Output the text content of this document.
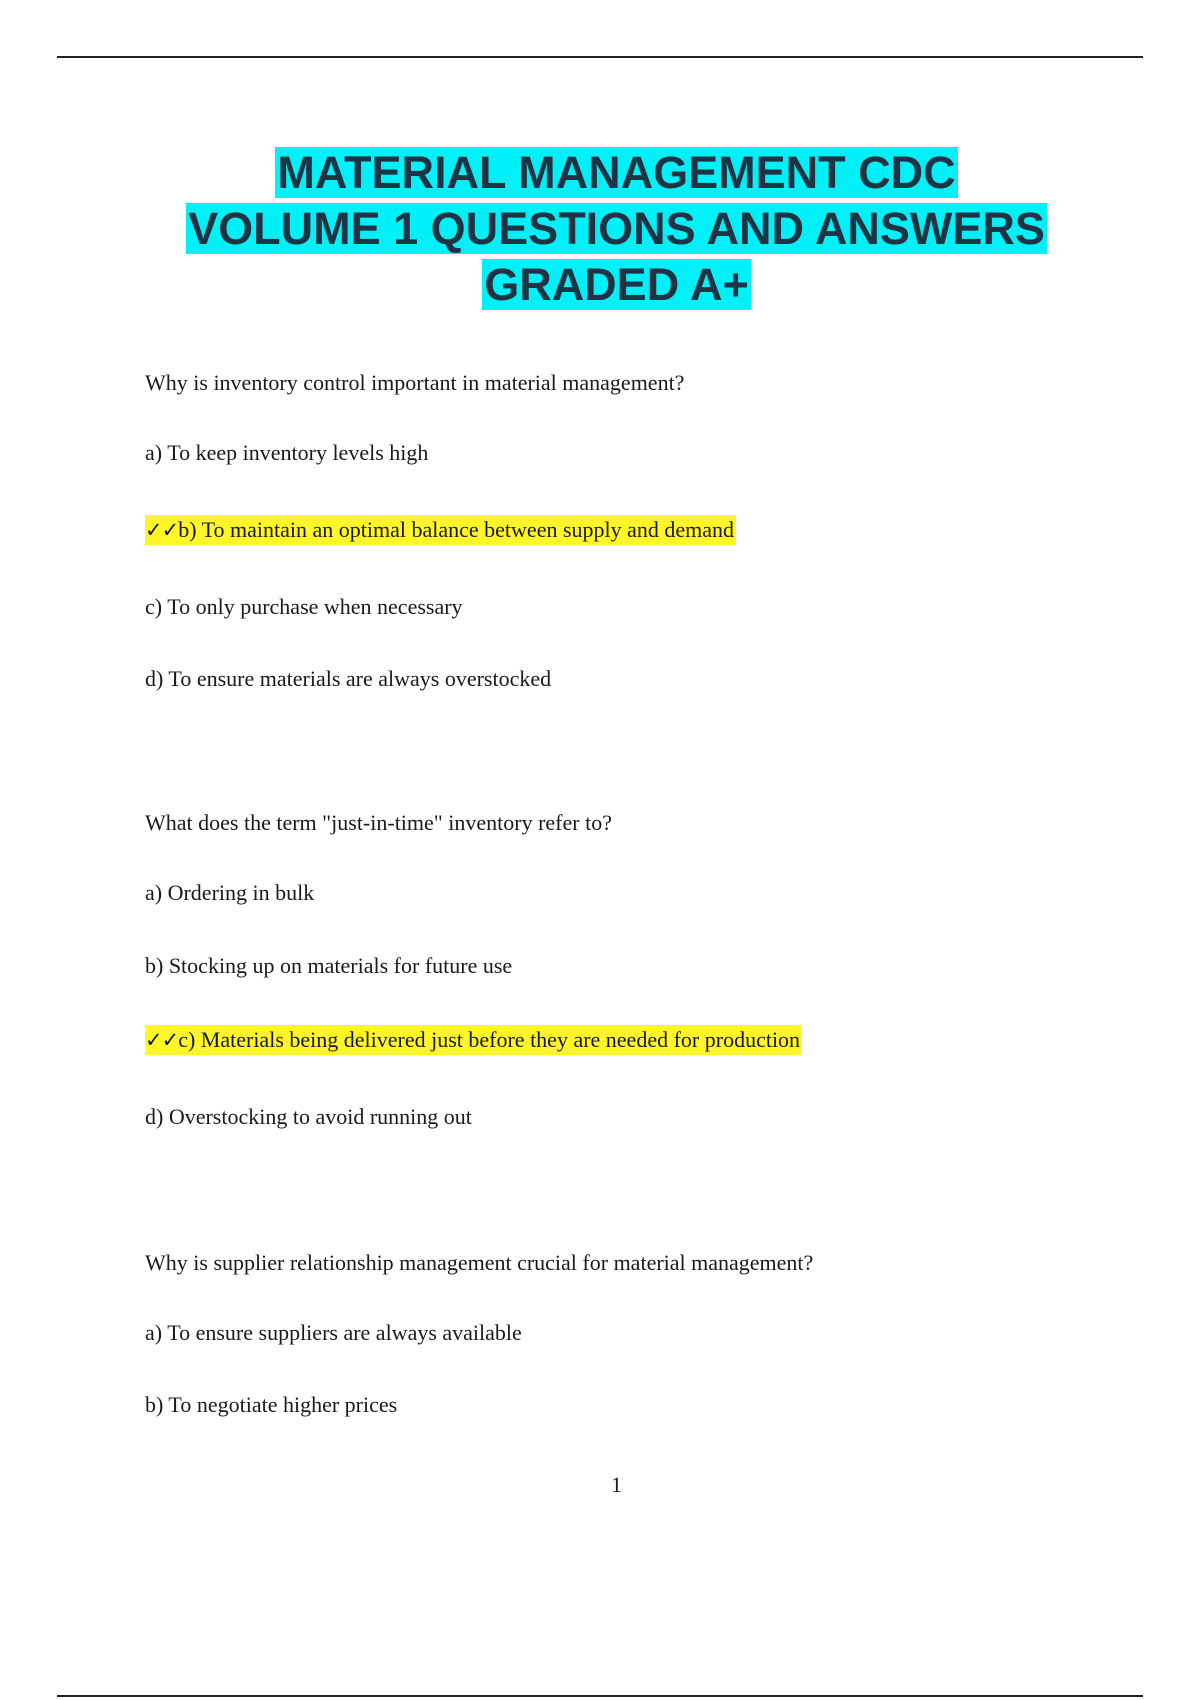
MATERIAL MANAGEMENT CDC
VOLUME 1 QUESTIONS AND ANSWERS
GRADED A+
Why is inventory control important in material management?
a) To keep inventory levels high
✓✓b) To maintain an optimal balance between supply and demand
c) To only purchase when necessary
d) To ensure materials are always overstocked
What does the term "just-in-time" inventory refer to?
a) Ordering in bulk
b) Stocking up on materials for future use
✓✓c) Materials being delivered just before they are needed for production
d) Overstocking to avoid running out
Why is supplier relationship management crucial for material management?
a) To ensure suppliers are always available
b) To negotiate higher prices
1
